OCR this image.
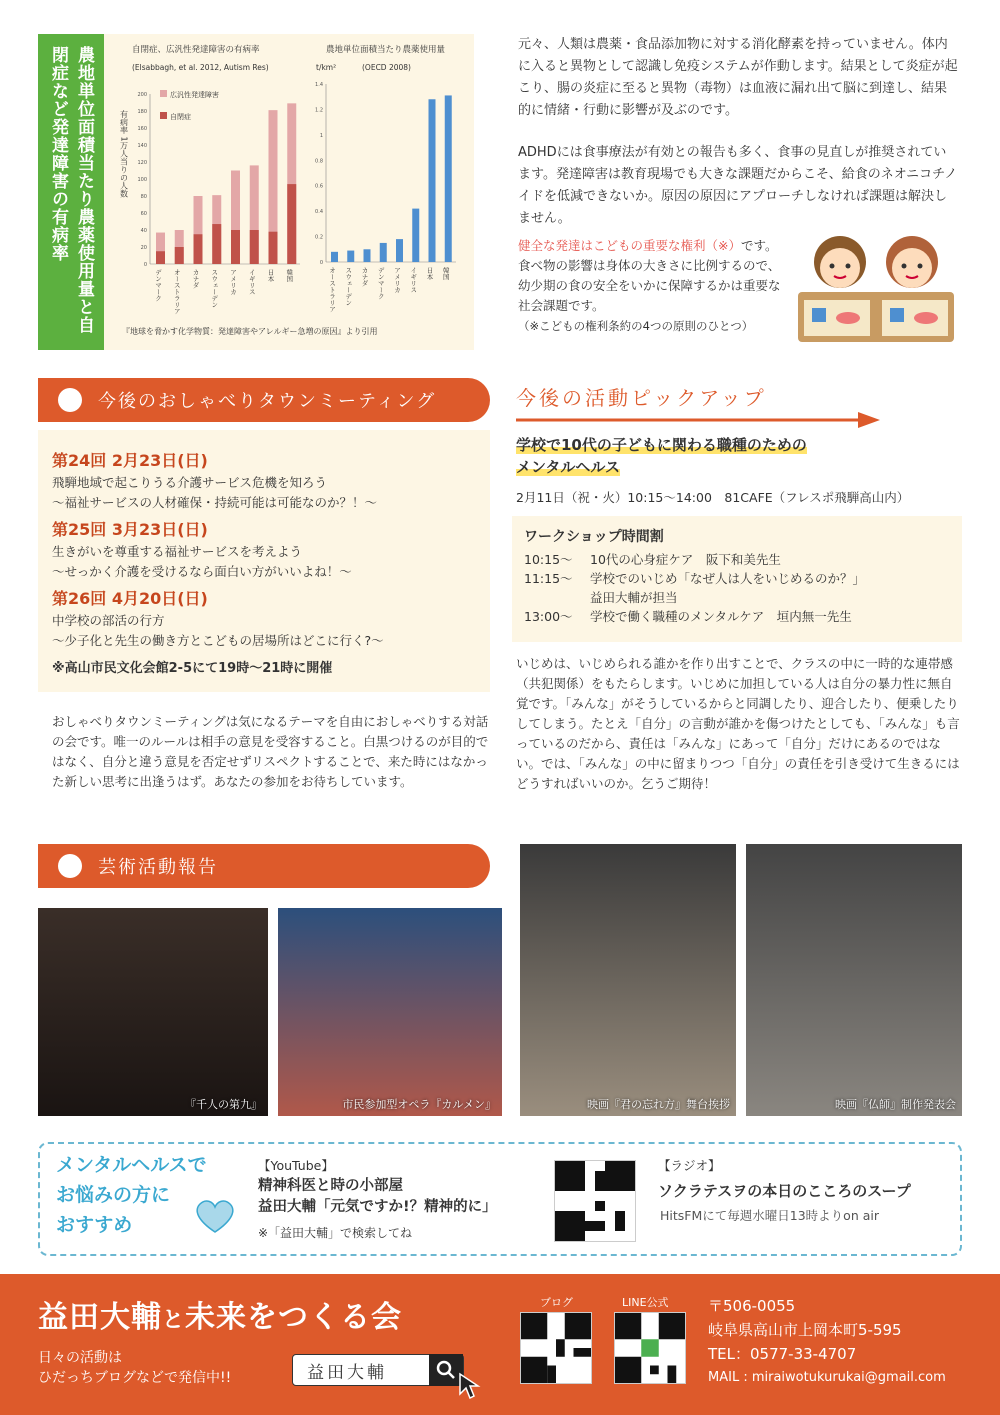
農地単位面積当たり農薬使用量と自閉症など発達障害の有病率	自閉症、広汎性発達障害の有病率
(Elsabbagh, et al. 2012, Autism Res)
0
20
40
60
80
100
120
140
160
180
200
有病率 1万人当りの人数
広汎性発達障害
自閉症
デンマーク オーストラリア カナダ スウェーデン アメリカ イギリス 日本 韓国
農地単位面積当たり農薬使用量
t/km²	(OECD 2008)
0
0.2
0.4
0.6
0.8
1
1.2
1.4
オーストラリア スウェーデン カナダ デンマーク アメリカ イギリス 日本 韓国
『地球を脅かす化学物質：発達障害やアレルギー急増の原因』より引用

元々、人類は農薬・食品添加物に対する消化酵素を持っていません。体内に入ると異物として認識し免疫システムが作動します。結果として炎症が起こり、腸の炎症に至ると異物（毒物）は血液に漏れ出て脳に到達し、結果的に情緒・行動に影響が及ぶのです。

ADHDには食事療法が有効との報告も多く、食事の見直しが推奨されています。発達障害は教育現場でも大きな課題だからこそ、給食のネオニコチノイドを低減できないか。原因の原因にアプローチしなければ課題は解決しません。

健全な発達はこどもの重要な権利（※）です。食べ物の影響は身体の大きさに比例するので、幼少期の食の安全をいかに保障するかは重要な社会課題です。
（※こどもの権利条約の4つの原則のひとつ）
今後のおしゃべりタウンミーティング
第24回 2月23日(日)

飛騨地域で起こりうる介護サービス危機を知ろう

〜福祉サービスの人材確保・持続可能は可能なのか？！〜

第25回 3月23日(日)

生きがいを尊重する福祉サービスを考えよう

〜せっかく介護を受けるなら面白い方がいいよね！〜

第26回 4月20日(日)

中学校の部活の行方

〜少子化と先生の働き方とこどもの居場所はどこに行く?〜

※高山市民文化会館2-5にて19時〜21時に開催
おしゃべりタウンミーティングは気になるテーマを自由におしゃべりする対話の会です。唯一のルールは相手の意見を受容すること。白黒つけるのが目的ではなく、自分と違う意見を否定せずリスペクトすることで、来た時にはなかった新しい思考に出逢うはず。あなたの参加をお待ちしています。
今後の活動ピックアップ
学校で10代の子どもに関わる職種のための
メンタルヘルス
2月11日（祝・火）10:15〜14:00　81CAFE（フレスポ飛騨高山内）
ワークショップ時間割
10:15〜	10代の心身症ケア　阪下和美先生
11:15〜	学校でのいじめ「なぜ人は人をいじめるのか？」
益田大輔が担当
13:00〜	学校で働く職種のメンタルケア　垣内無一先生
いじめは、いじめられる誰かを作り出すことで、クラスの中に一時的な連帯感（共犯関係）をもたらします。いじめに加担している人は自分の暴力性に無自覚です。「みんな」がそうしているからと同調したり、迎合したり、便乗したりしてしまう。たとえ「自分」の言動が誰かを傷つけたとしても、「みんな」も言っているのだから、責任は「みんな」にあって「自分」だけにあるのではない。では、「みんな」の中に留まりつつ「自分」の責任を引き受けて生きるにはどうすればいいのか。乞うご期待！
芸術活動報告
『千人の第九』	市民参加型オペラ『カルメン』	映画『君の忘れ方』舞台挨拶	映画『仏師』制作発表会
メンタルヘルスで
お悩みの方に
おすすめ
【YouTube】
精神科医と時の小部屋
益田大輔「元気ですか!？精神的に」
※「益田大輔」で検索してね
【ラジオ】
ソクラテスヲの本日のこころのスープ
HitsFMにて毎週水曜日13時よりon air
益田大輔と未来をつくる会
日々の活動は
ひだっちブログなどで発信中!!	益田大輔
ブログ	LINE公式	〒506-0055
岐阜県高山市上岡本町5-595
TEL：0577-33-4707
MAIL : miraiwotukurukai@gmail.com
